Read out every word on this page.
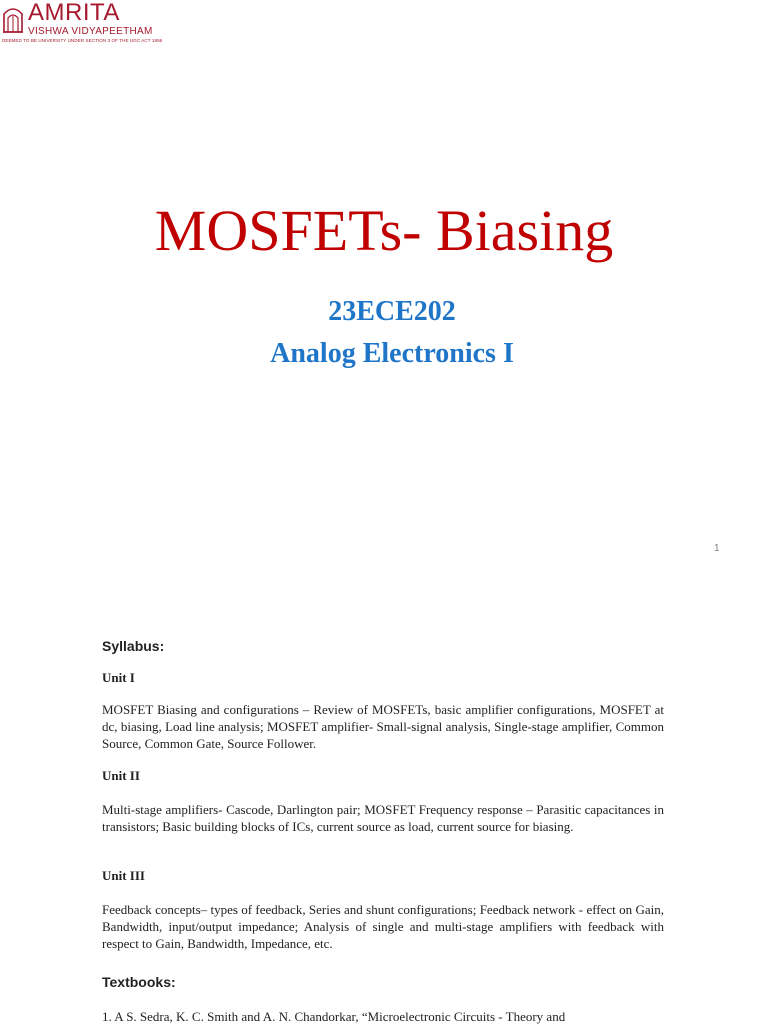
AMRITA
VISHWA VIDYAPEETHAM
DEEMED TO BE UNIVERSITY UNDER SECTION 3 OF THE UGC ACT 1956
MOSFETs- Biasing
23ECE202
Analog Electronics I
1
Syllabus:
Unit I
MOSFET Biasing and configurations – Review of MOSFETs, basic amplifier configurations, MOSFET at dc, biasing, Load line analysis; MOSFET amplifier- Small-signal analysis, Single-stage amplifier, Common Source, Common Gate, Source Follower.
Unit II
Multi-stage amplifiers- Cascode, Darlington pair; MOSFET Frequency response – Parasitic capacitances in transistors; Basic building blocks of ICs, current source as load, current source for biasing.
Unit III
Feedback concepts– types of feedback, Series and shunt configurations; Feedback network - effect on Gain, Bandwidth, input/output impedance; Analysis of single and multi-stage amplifiers with feedback with respect to Gain, Bandwidth, Impedance, etc.
Textbooks:
1. A S. Sedra, K. C. Smith and A. N. Chandorkar, “Microelectronic Circuits - Theory and
